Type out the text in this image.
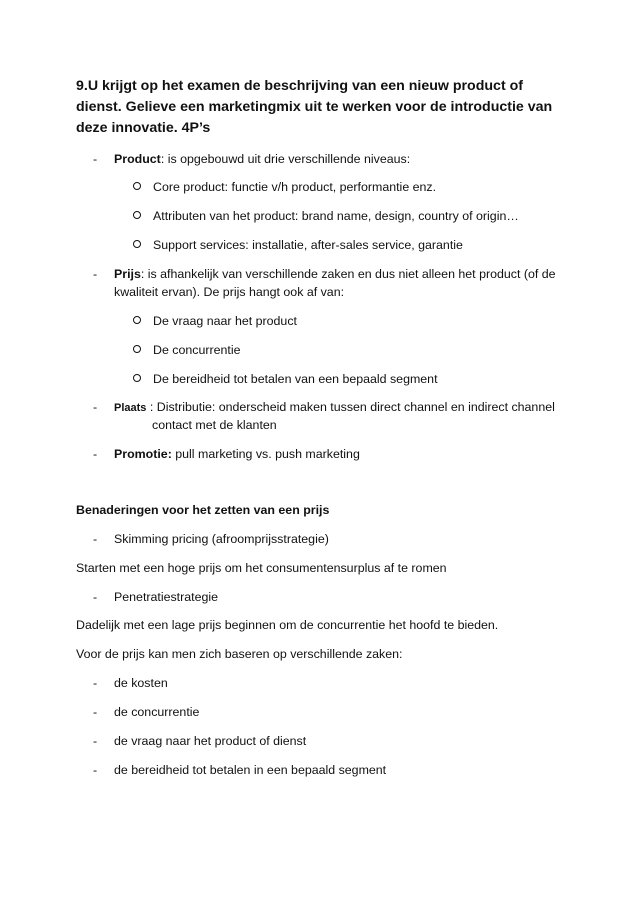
9.U krijgt op het examen de beschrijving van een nieuw product of dienst. Gelieve een marketingmix uit te werken voor de introductie van deze innovatie. 4P’s
-	Product: is opgebouwd uit drie verschillende niveaus:
Core product: functie v/h product, performantie enz.
Attributen van het product: brand name, design, country of origin…
Support services: installatie, after-sales service, garantie
-	Prijs: is afhankelijk van verschillende zaken en dus niet alleen het product (of de kwaliteit ervan). De prijs hangt ook af van:
De vraag naar het product
De concurrentie
De bereidheid tot betalen van een bepaald segment
-	Plaats : Distributie: onderscheid maken tussen direct channel en indirect channel
contact met de klanten
-	Promotie: pull marketing vs. push marketing

Benaderingen voor het zetten van een prijs

-	Skimming pricing (afroomprijsstrategie)

Starten met een hoge prijs om het consumentensurplus af te romen

-	Penetratiestrategie

Dadelijk met een lage prijs beginnen om de concurrentie het hoofd te bieden.

Voor de prijs kan men zich baseren op verschillende zaken:

-	de kosten
-	de concurrentie
-	de vraag naar het product of dienst
-	de bereidheid tot betalen in een bepaald segment
